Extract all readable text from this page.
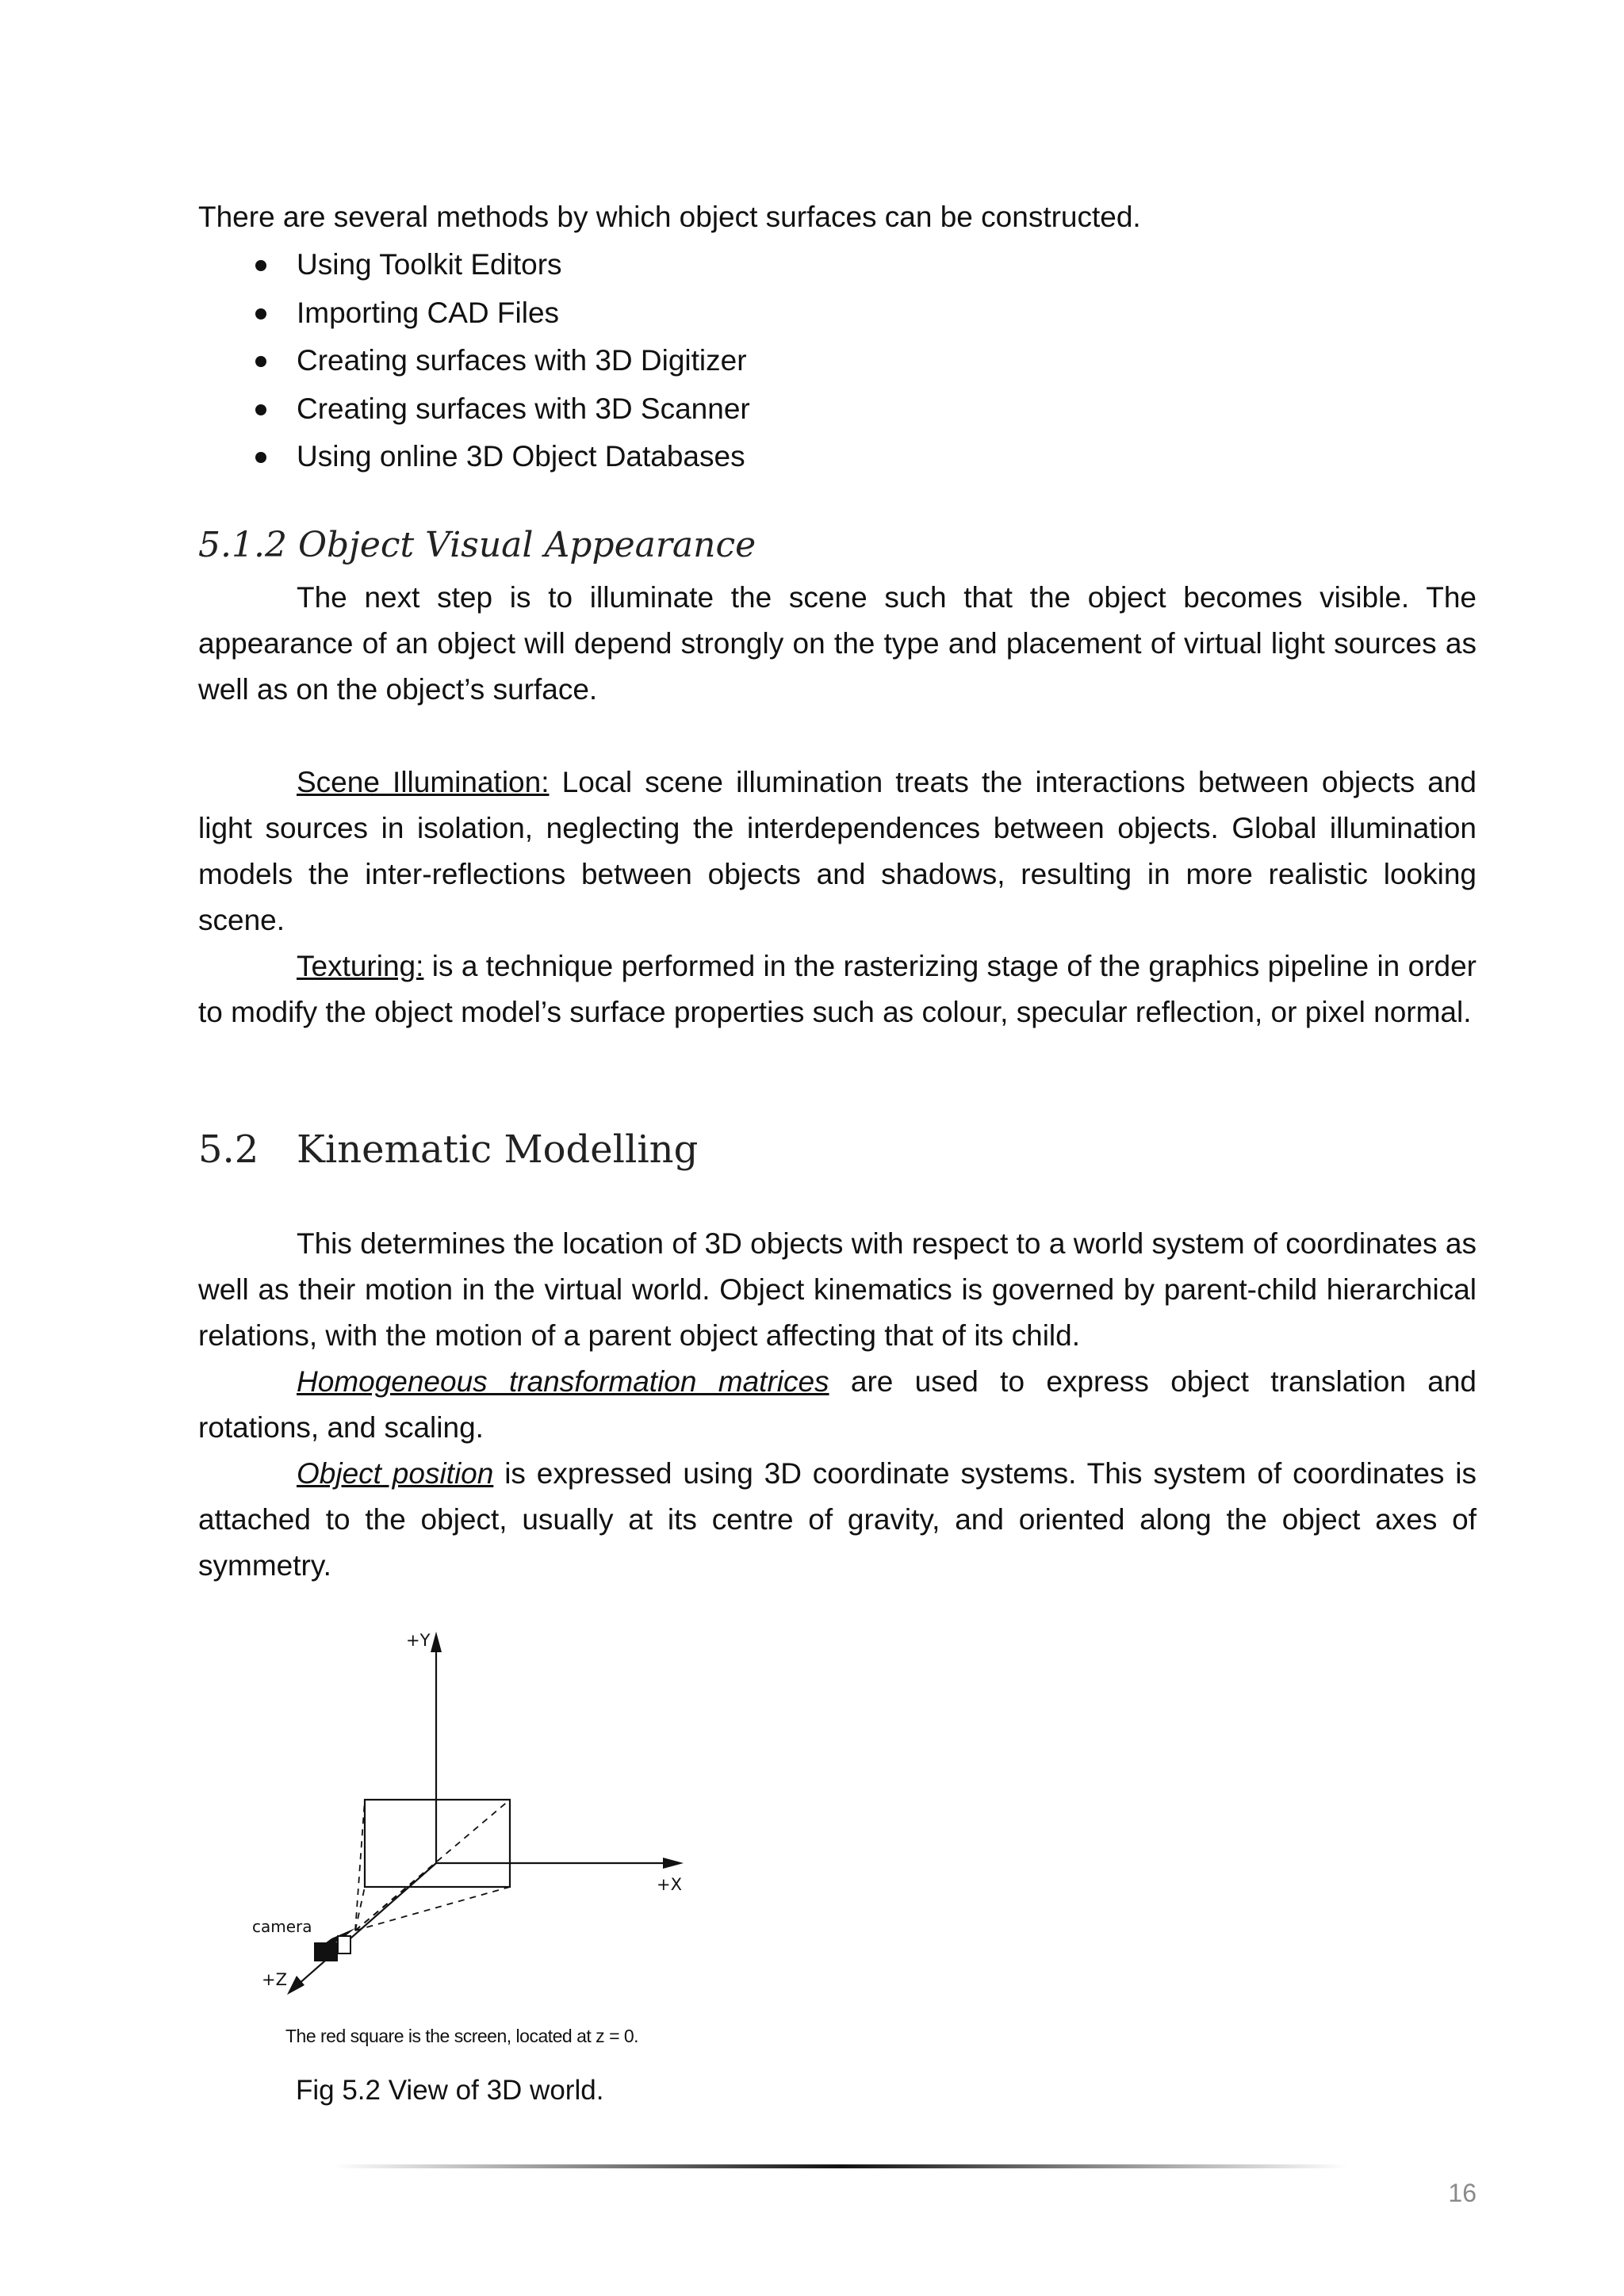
There are several methods by which object surfaces can be constructed.
Using Toolkit Editors
Importing CAD Files
Creating surfaces with 3D Digitizer
Creating surfaces with 3D Scanner
Using online 3D Object Databases
5.1.2 Object Visual Appearance

The next step is to illuminate the scene such that the object becomes visible. The appearance of an object will depend strongly on the type and placement of virtual light sources as well as on the object’s surface.

Scene Illumination: Local scene illumination treats the interactions between objects and light sources in isolation, neglecting the interdependences between objects. Global illumination models the inter-reflections between objects and shadows, resulting in more realistic looking scene.

Texturing: is a technique performed in the rasterizing stage of the graphics pipeline in order to modify the object model’s surface properties such as colour, specular reflection, or pixel normal.

5.2 Kinematic Modelling

This determines the location of 3D objects with respect to a world system of coordinates as well as their motion in the virtual world. Object kinematics is governed by parent-child hierarchical relations, with the motion of a parent object affecting that of its child.

Homogeneous transformation matrices are used to express object translation and rotations, and scaling.

Object position is expressed using 3D coordinate systems. This system of coordinates is attached to the object, usually at its centre of gravity, and oriented along the object axes of symmetry.

+Y
+X
+Z
camera
The red square is the screen, located at z = 0.
Fig 5.2 View of 3D world.
16
